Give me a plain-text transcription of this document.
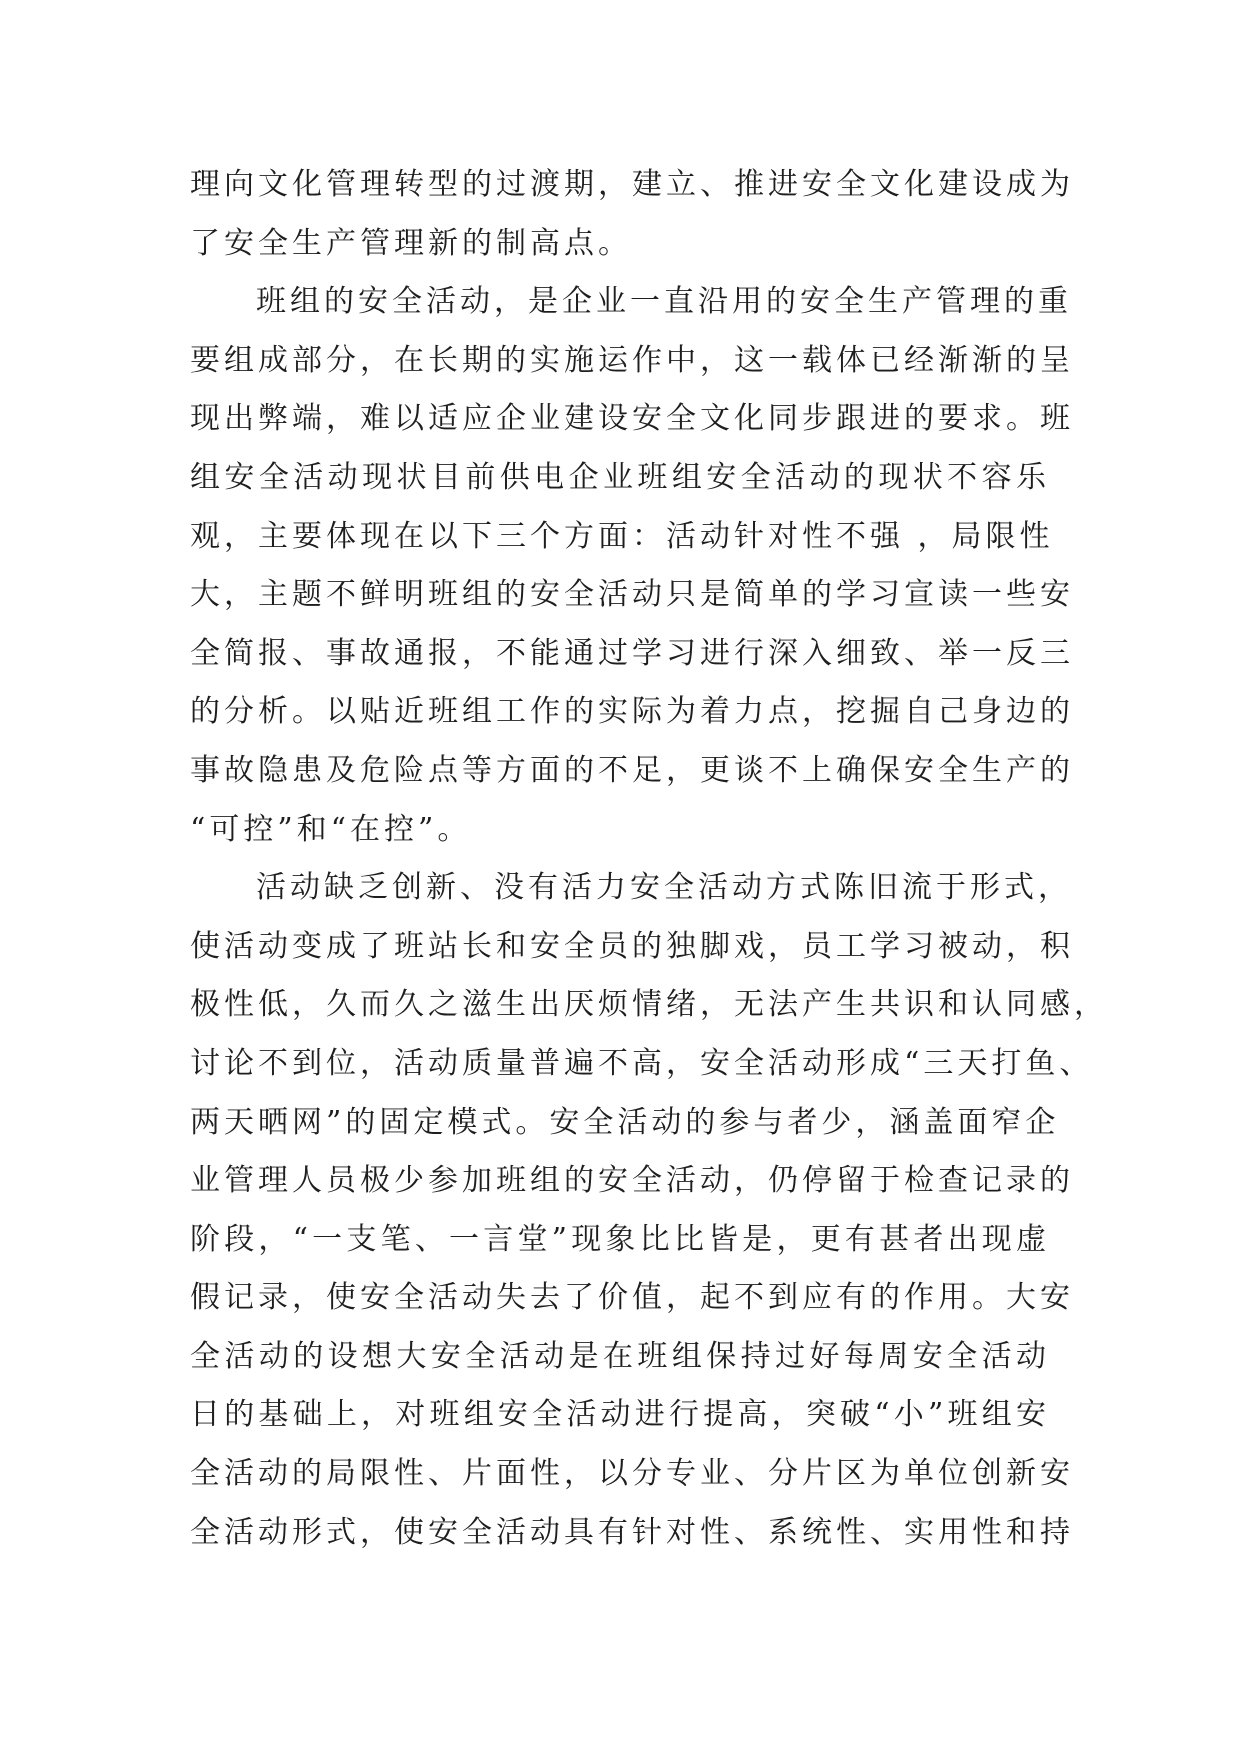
理向文化管理转型的过渡期，建立、推进安全文化建设成为
了安全生产管理新的制高点。
班组的安全活动，是企业一直沿用的安全生产管理的重
要组成部分，在长期的实施运作中，这一载体已经渐渐的呈
现出弊端，难以适应企业建设安全文化同步跟进的要求。班
组安全活动现状目前供电企业班组安全活动的现状不容乐
观，主要体现在以下三个方面：活动针对性不强 ，局限性
大，主题不鲜明班组的安全活动只是简单的学习宣读一些安
全简报、事故通报，不能通过学习进行深入细致、举一反三
的分析。以贴近班组工作的实际为着力点，挖掘自己身边的
事故隐患及危险点等方面的不足，更谈不上确保安全生产的
“可控”和“在控”。
活动缺乏创新、没有活力安全活动方式陈旧流于形式，
使活动变成了班站长和安全员的独脚戏，员工学习被动，积
极性低，久而久之滋生出厌烦情绪，无法产生共识和认同感，
讨论不到位，活动质量普遍不高，安全活动形成“三天打鱼、
两天晒网”的固定模式。安全活动的参与者少，涵盖面窄企
业管理人员极少参加班组的安全活动，仍停留于检查记录的
阶段，“一支笔、一言堂”现象比比皆是，更有甚者出现虚
假记录，使安全活动失去了价值，起不到应有的作用。大安
全活动的设想大安全活动是在班组保持过好每周安全活动
日的基础上，对班组安全活动进行提高，突破“小”班组安
全活动的局限性、片面性，以分专业、分片区为单位创新安
全活动形式，使安全活动具有针对性、系统性、实用性和持
